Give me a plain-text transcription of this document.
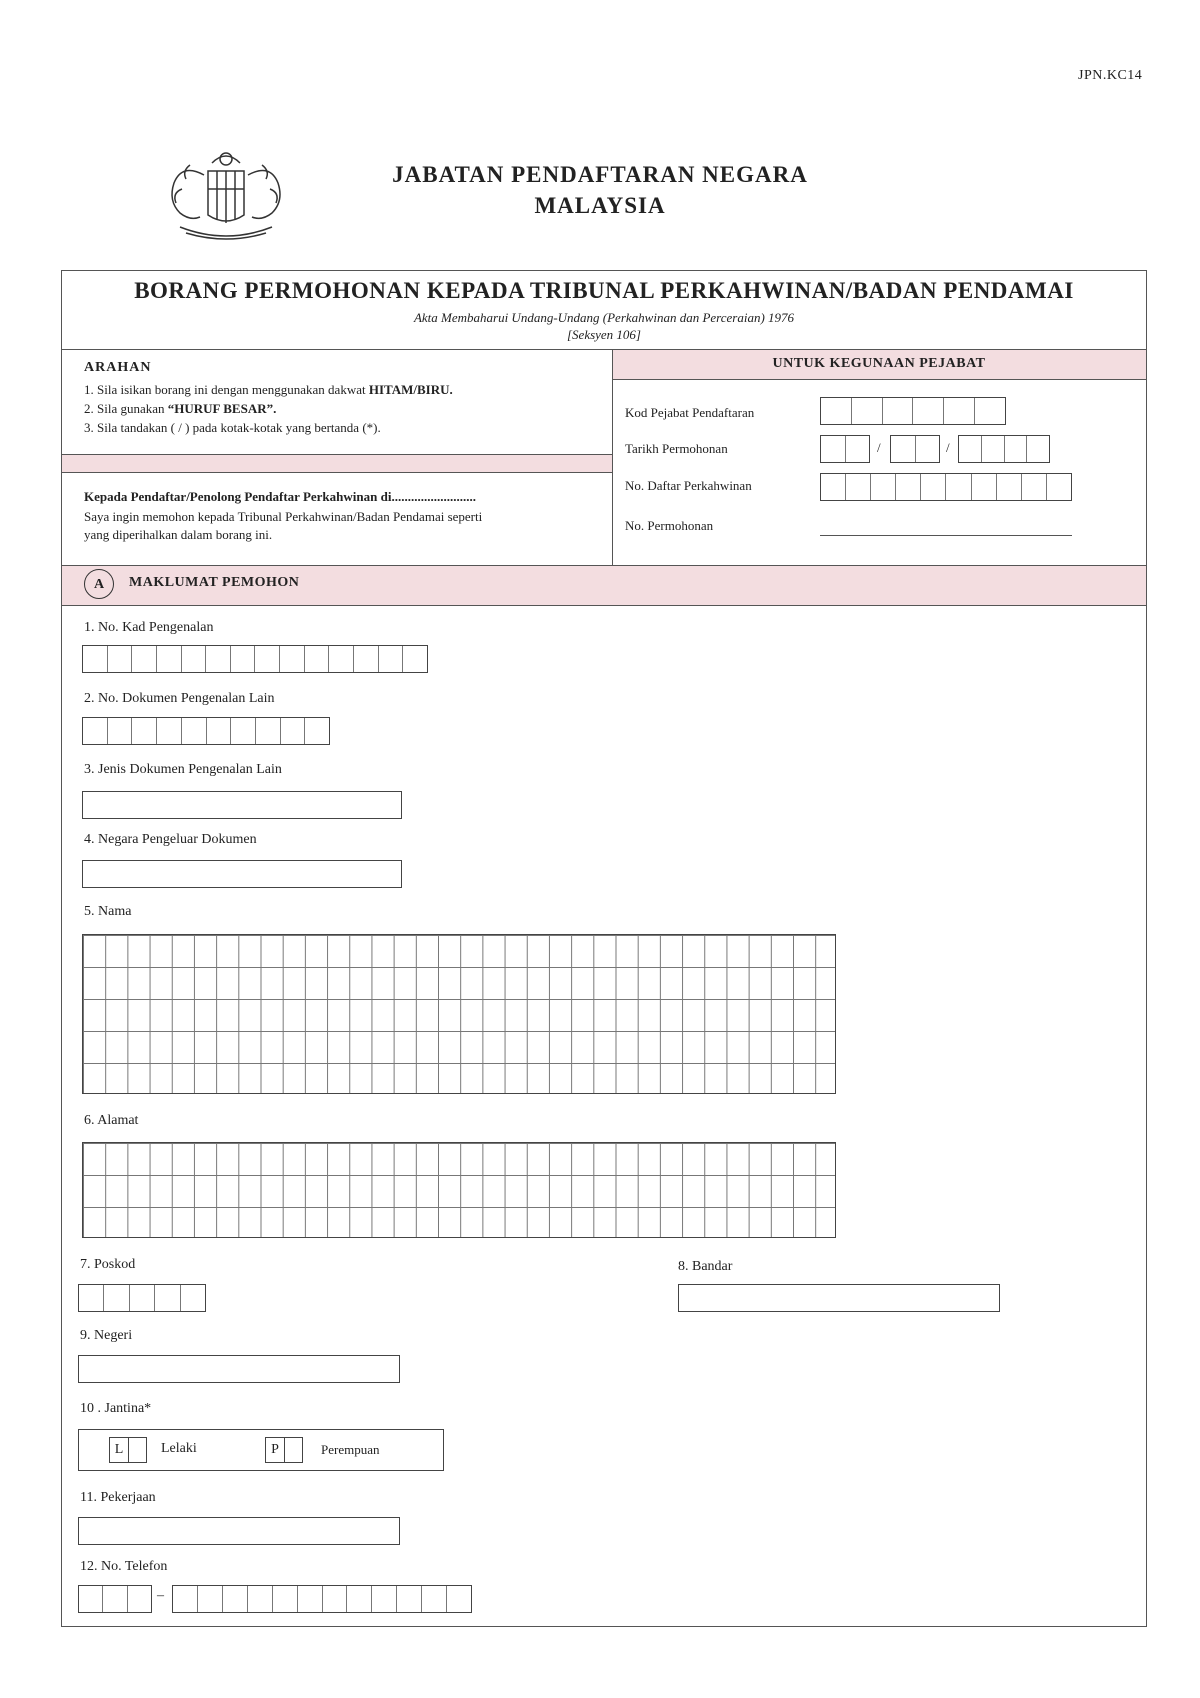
JPN.KC14
JABATAN PENDAFTARAN NEGARA
MALAYSIA
BORANG PERMOHONAN KEPADA TRIBUNAL PERKAHWINAN/BADAN PENDAMAI
Akta Membaharui Undang-Undang (Perkahwinan dan Perceraian) 1976
[Seksyen 106]
ARAHAN
1. Sila isikan borang ini dengan menggunakan dakwat HITAM/BIRU.
2. Sila gunakan “HURUF BESAR”.
3. Sila tandakan ( / ) pada kotak-kotak yang bertanda (*).
Kepada Pendaftar/Penolong Pendaftar Perkahwinan di..........................
Saya ingin memohon kepada Tribunal Perkahwinan/Badan Pendamai seperti
yang diperihalkan dalam borang ini.
UNTUK KEGUNAAN PEJABAT
Kod Pejabat Pendaftaran
Tarikh Permohonan	/	/
No. Daftar Perkahwinan
No. Permohonan
A	MAKLUMAT PEMOHON
1. No. Kad Pengenalan
2. No. Dokumen Pengenalan Lain
3. Jenis Dokumen Pengenalan Lain
4. Negara Pengeluar Dokumen
5. Nama
6. Alamat
7. Poskod	8. Bandar
9. Negeri
10 . Jantina*
L	Lelaki	P	Perempuan
11. Pekerjaan
12. No. Telefon
–
